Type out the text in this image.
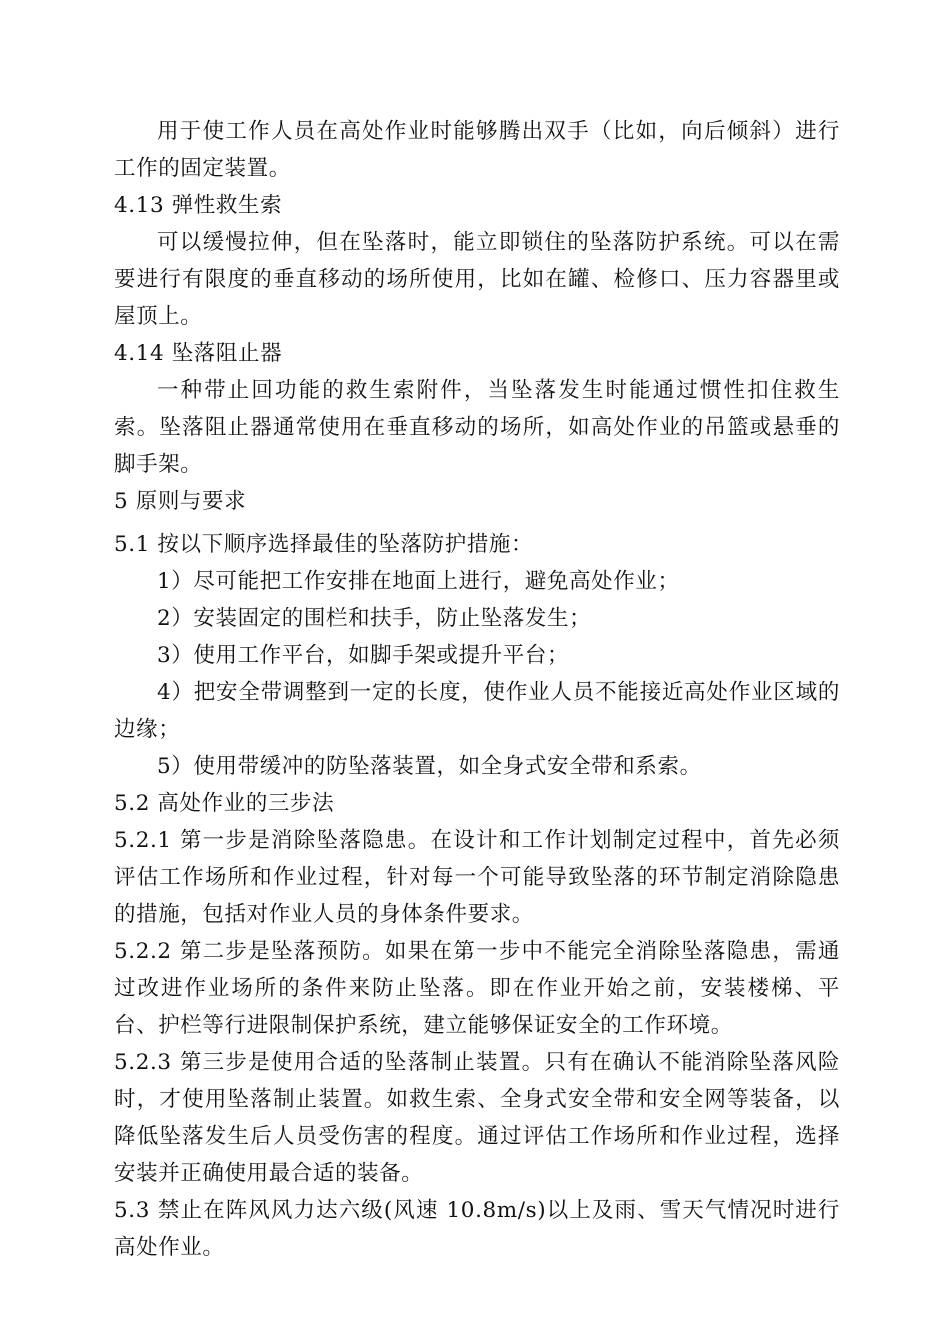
用于使工作人员在高处作业时能够腾出双手（比如，向后倾斜）进行工作的固定装置。

4.13 弹性救生索

可以缓慢拉伸，但在坠落时，能立即锁住的坠落防护系统。可以在需要进行有限度的垂直移动的场所使用，比如在罐、检修口、压力容器里或屋顶上。

4.14 坠落阻止器

一种带止回功能的救生索附件，当坠落发生时能通过惯性扣住救生索。坠落阻止器通常使用在垂直移动的场所，如高处作业的吊篮或悬垂的脚手架。

5 原则与要求

5.1 按以下顺序选择最佳的坠落防护措施：

1）尽可能把工作安排在地面上进行，避免高处作业；

2）安装固定的围栏和扶手，防止坠落发生；

3）使用工作平台，如脚手架或提升平台；

4）把安全带调整到一定的长度，使作业人员不能接近高处作业区域的边缘；

5）使用带缓冲的防坠落装置，如全身式安全带和系索。

5.2 高处作业的三步法

5.2.1 第一步是消除坠落隐患。在设计和工作计划制定过程中，首先必须评估工作场所和作业过程，针对每一个可能导致坠落的环节制定消除隐患的措施，包括对作业人员的身体条件要求。

5.2.2 第二步是坠落预防。如果在第一步中不能完全消除坠落隐患，需通过改进作业场所的条件来防止坠落。即在作业开始之前，安装楼梯、平台、护栏等行进限制保护系统，建立能够保证安全的工作环境。

5.2.3 第三步是使用合适的坠落制止装置。只有在确认不能消除坠落风险时，才使用坠落制止装置。如救生索、全身式安全带和安全网等装备，以降低坠落发生后人员受伤害的程度。通过评估工作场所和作业过程，选择安装并正确使用最合适的装备。

5.3 禁止在阵风风力达六级(风速 10.8m/s)以上及雨、雪天气情况时进行高处作业。
